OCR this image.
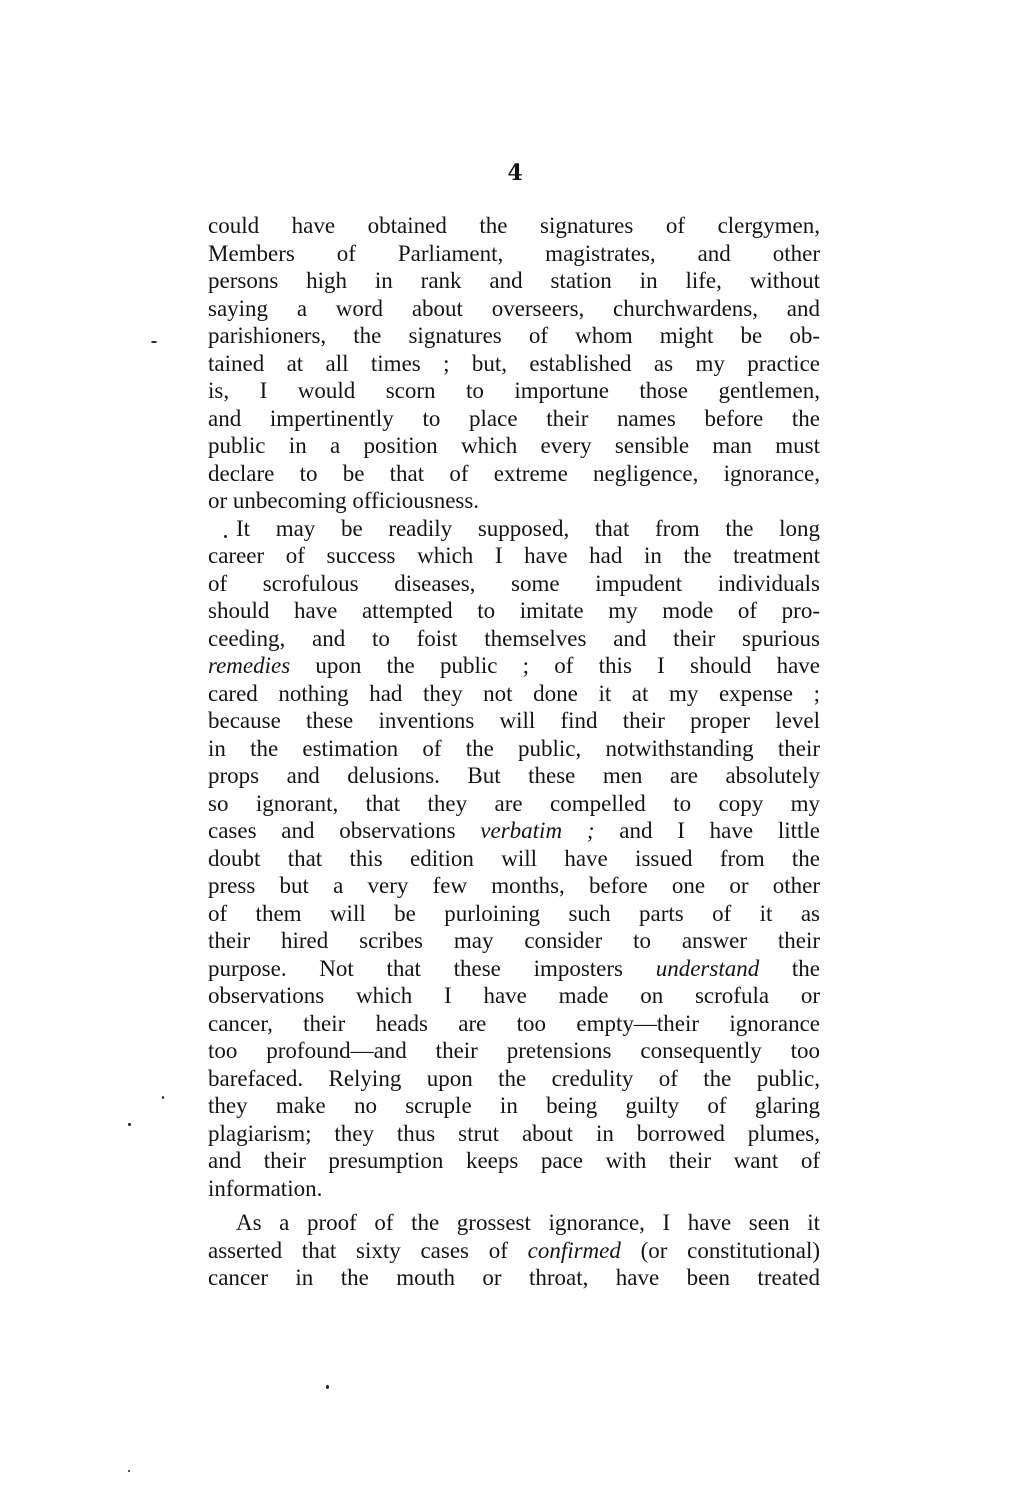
4
could have obtained the signatures of clergymen,
Members of Parliament, magistrates, and other
persons high in rank and station in life, without
saying a word about overseers, churchwardens, and
parishioners, the signatures of whom might be ob-
tained at all times ; but, established as my practice
is, I would scorn to importune those gentlemen,
and impertinently to place their names before the
public in a position which every sensible man must
declare to be that of extreme negligence, ignorance,
or unbecoming officiousness.
It may be readily supposed, that from the long
career of success which I have had in the treatment
of scrofulous diseases, some impudent individuals
should have attempted to imitate my mode of pro-
ceeding, and to foist themselves and their spurious
remedies upon the public ; of this I should have
cared nothing had they not done it at my expense ;
because these inventions will find their proper level
in the estimation of the public, notwithstanding their
props and delusions. But these men are absolutely
so ignorant, that they are compelled to copy my
cases and observations verbatim ; and I have little
doubt that this edition will have issued from the
press but a very few months, before one or other
of them will be purloining such parts of it as
their hired scribes may consider to answer their
purpose. Not that these imposters understand the
observations which I have made on scrofula or
cancer, their heads are too empty—their ignorance
too profound—and their pretensions consequently too
barefaced. Relying upon the credulity of the public,
they make no scruple in being guilty of glaring
plagiarism; they thus strut about in borrowed plumes,
and their presumption keeps pace with their want of
information.
As a proof of the grossest ignorance, I have seen it
asserted that sixty cases of confirmed (or constitutional)
cancer in the mouth or throat, have been treated
